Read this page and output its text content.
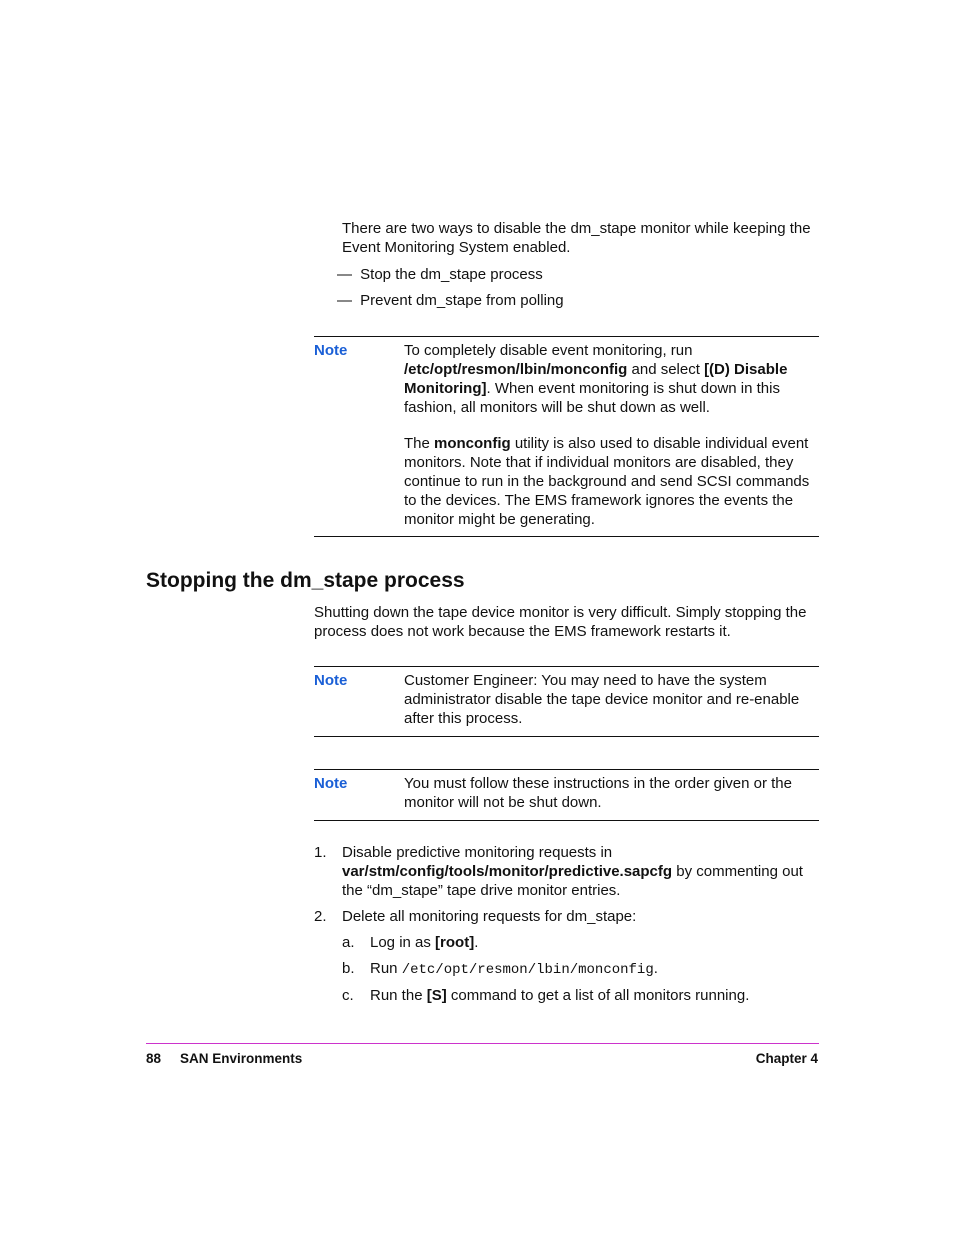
There are two ways to disable the dm_stape monitor while keeping the Event Monitoring System enabled.

— Stop the dm_stape process
— Prevent dm_stape from polling
Note	To completely disable event monitoring, run /etc/opt/resmon/lbin/monconfig and select [(D) Disable Monitoring]. When event monitoring is shut down in this fashion, all monitors will be shut down as well.

The monconfig utility is also used to disable individual event monitors. Note that if individual monitors are disabled, they continue to run in the background and send SCSI commands to the devices. The EMS framework ignores the events the monitor might be generating.

Stopping the dm_stape process

Shutting down the tape device monitor is very difficult. Simply stopping the process does not work because the EMS framework restarts it.

Note	Customer Engineer: You may need to have the system administrator disable the tape device monitor and re-enable after this process.

Note	You must follow these instructions in the order given or the monitor will not be shut down.

1. Disable predictive monitoring requests in var/stm/config/tools/monitor/predictive.sapcfg by commenting out the “dm_stape” tape drive monitor entries.

2. Delete all monitoring requests for dm_stape:

a. Log in as [root].

b. Run /etc/opt/resmon/lbin/monconfig.

c. Run the [S] command to get a list of all monitors running.

88 SAN Environments	Chapter 4
